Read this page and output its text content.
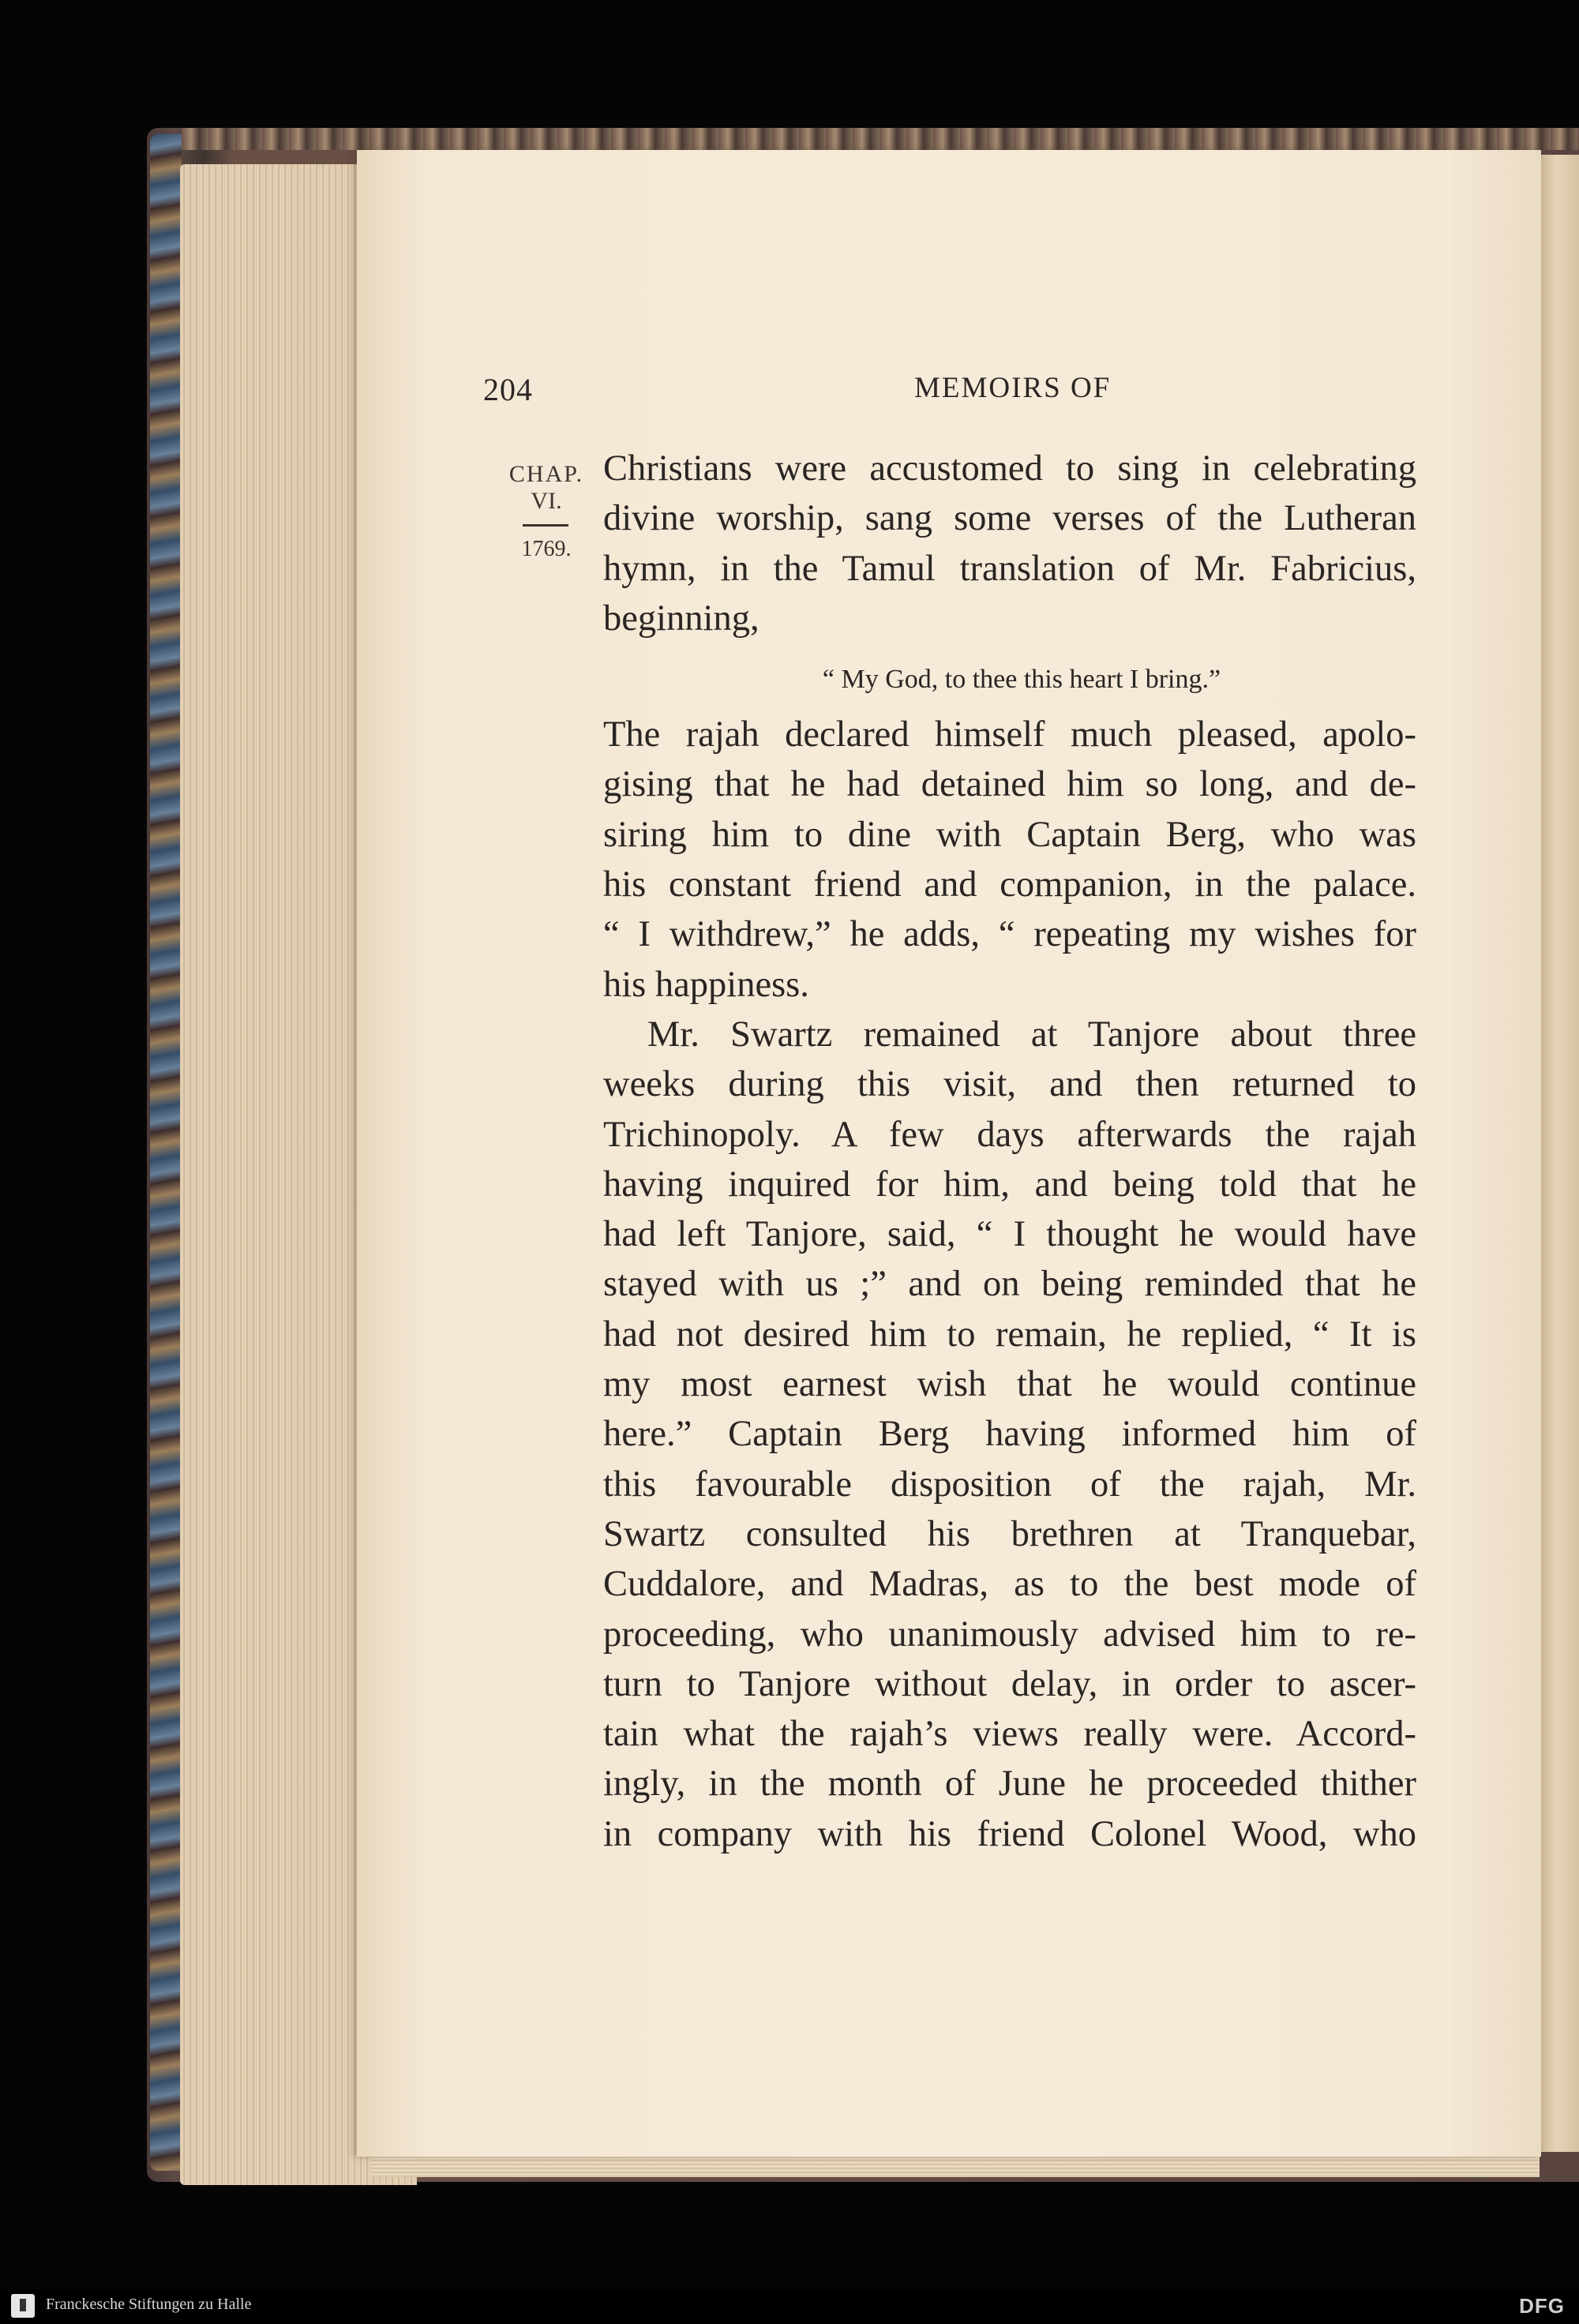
204	MEMOIRS OF
CHAP.
VI.
1769.
Christians were accustomed to sing in celebrating
divine worship, sang some verses of the Lutheran
hymn, in the Tamul translation of Mr. Fabricius,
beginning,
“ My God, to thee this heart I bring.”
The rajah declared himself much pleased, apolo-
gising that he had detained him so long, and de-
siring him to dine with Captain Berg, who was
his constant friend and companion, in the palace.
“ I withdrew,” he adds, “ repeating my wishes for
his happiness.
Mr. Swartz remained at Tanjore about three
weeks during this visit, and then returned to
Trichinopoly. A few days afterwards the rajah
having inquired for him, and being told that he
had left Tanjore, said, “ I thought he would have
stayed with us ;” and on being reminded that he
had not desired him to remain, he replied, “ It is
my most earnest wish that he would continue
here.” Captain Berg having informed him of
this favourable disposition of the rajah, Mr.
Swartz consulted his brethren at Tranquebar,
Cuddalore, and Madras, as to the best mode of
proceeding, who unanimously advised him to re-
turn to Tanjore without delay, in order to ascer-
tain what the rajah’s views really were. Accord-
ingly, in the month of June he proceeded thither
in company with his friend Colonel Wood, who
Franckesche Stiftungen zu Halle	DFG
